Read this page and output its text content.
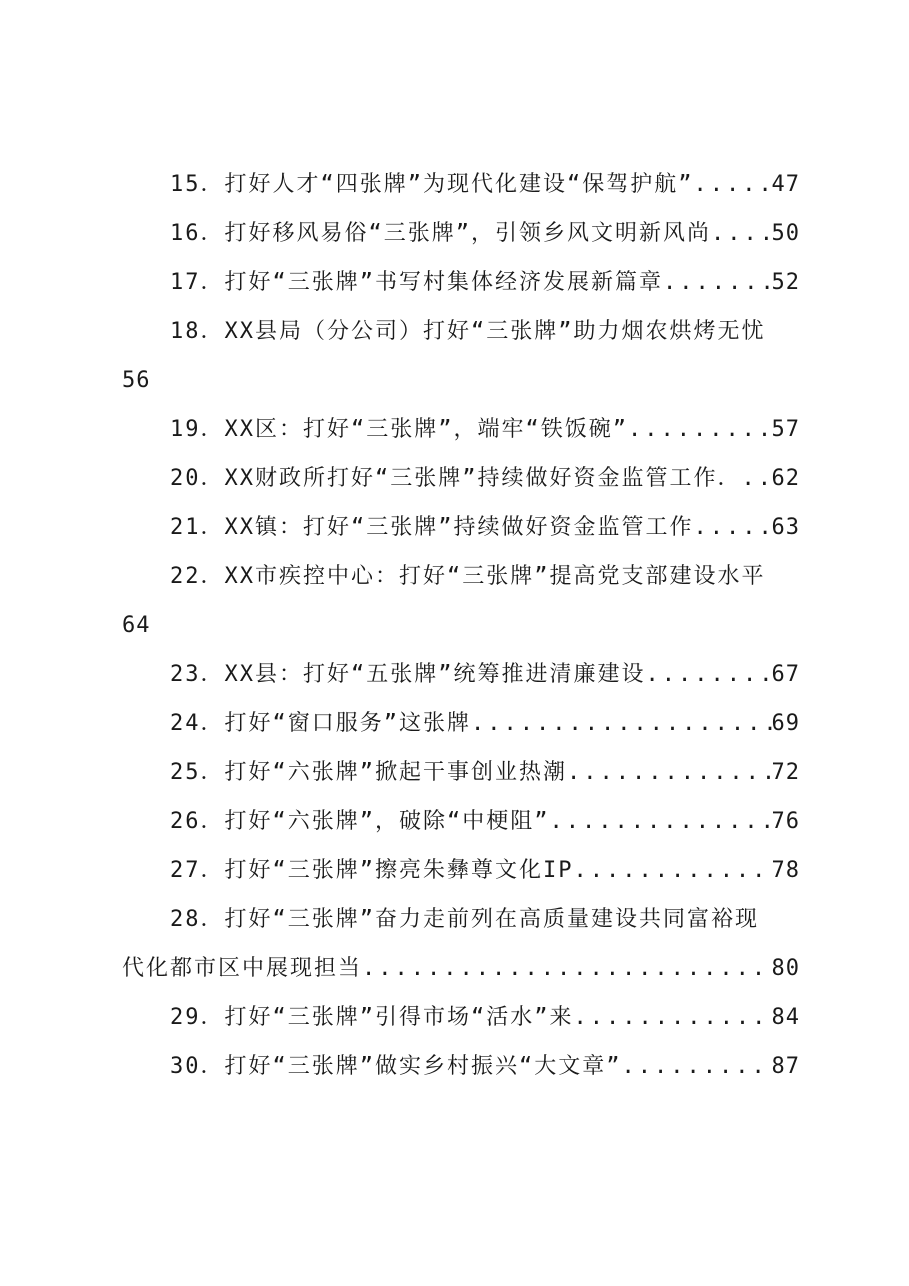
15．打好人才“四张牌”为现代化建设“保驾护航” .....	47
16．打好移风易俗“三张牌”，引领乡风文明新风尚 .....	50
17．打好“三张牌”书写村集体经济发展新篇章 .....	52
18．XX县局（分公司）打好“三张牌”助力烟农烘烤无忧
56
19．XX区：打好“三张牌”，端牢“铁饭碗” .....	57
20．XX财政所打好“三张牌”持续做好资金监管工作． ..... 62
21．XX镇：打好“三张牌”持续做好资金监管工作 .....	63
22．XX市疾控中心：打好“三张牌”提高党支部建设水平
64
23．XX县：打好“五张牌”统筹推进清廉建设 .....	67
24．打好“窗口服务”这张牌 .....	69
25．打好“六张牌”掀起干事创业热潮 .....	72
26．打好“六张牌”，破除“中梗阻” .....	76
27．打好“三张牌”擦亮朱彝尊文化IP .....	78
28．打好“三张牌”奋力走前列在高质量建设共同富裕现
代化都市区中展现担当 .....	80
29．打好“三张牌”引得市场“活水”来 .....	84
30．打好“三张牌”做实乡村振兴“大文章” .....	87
